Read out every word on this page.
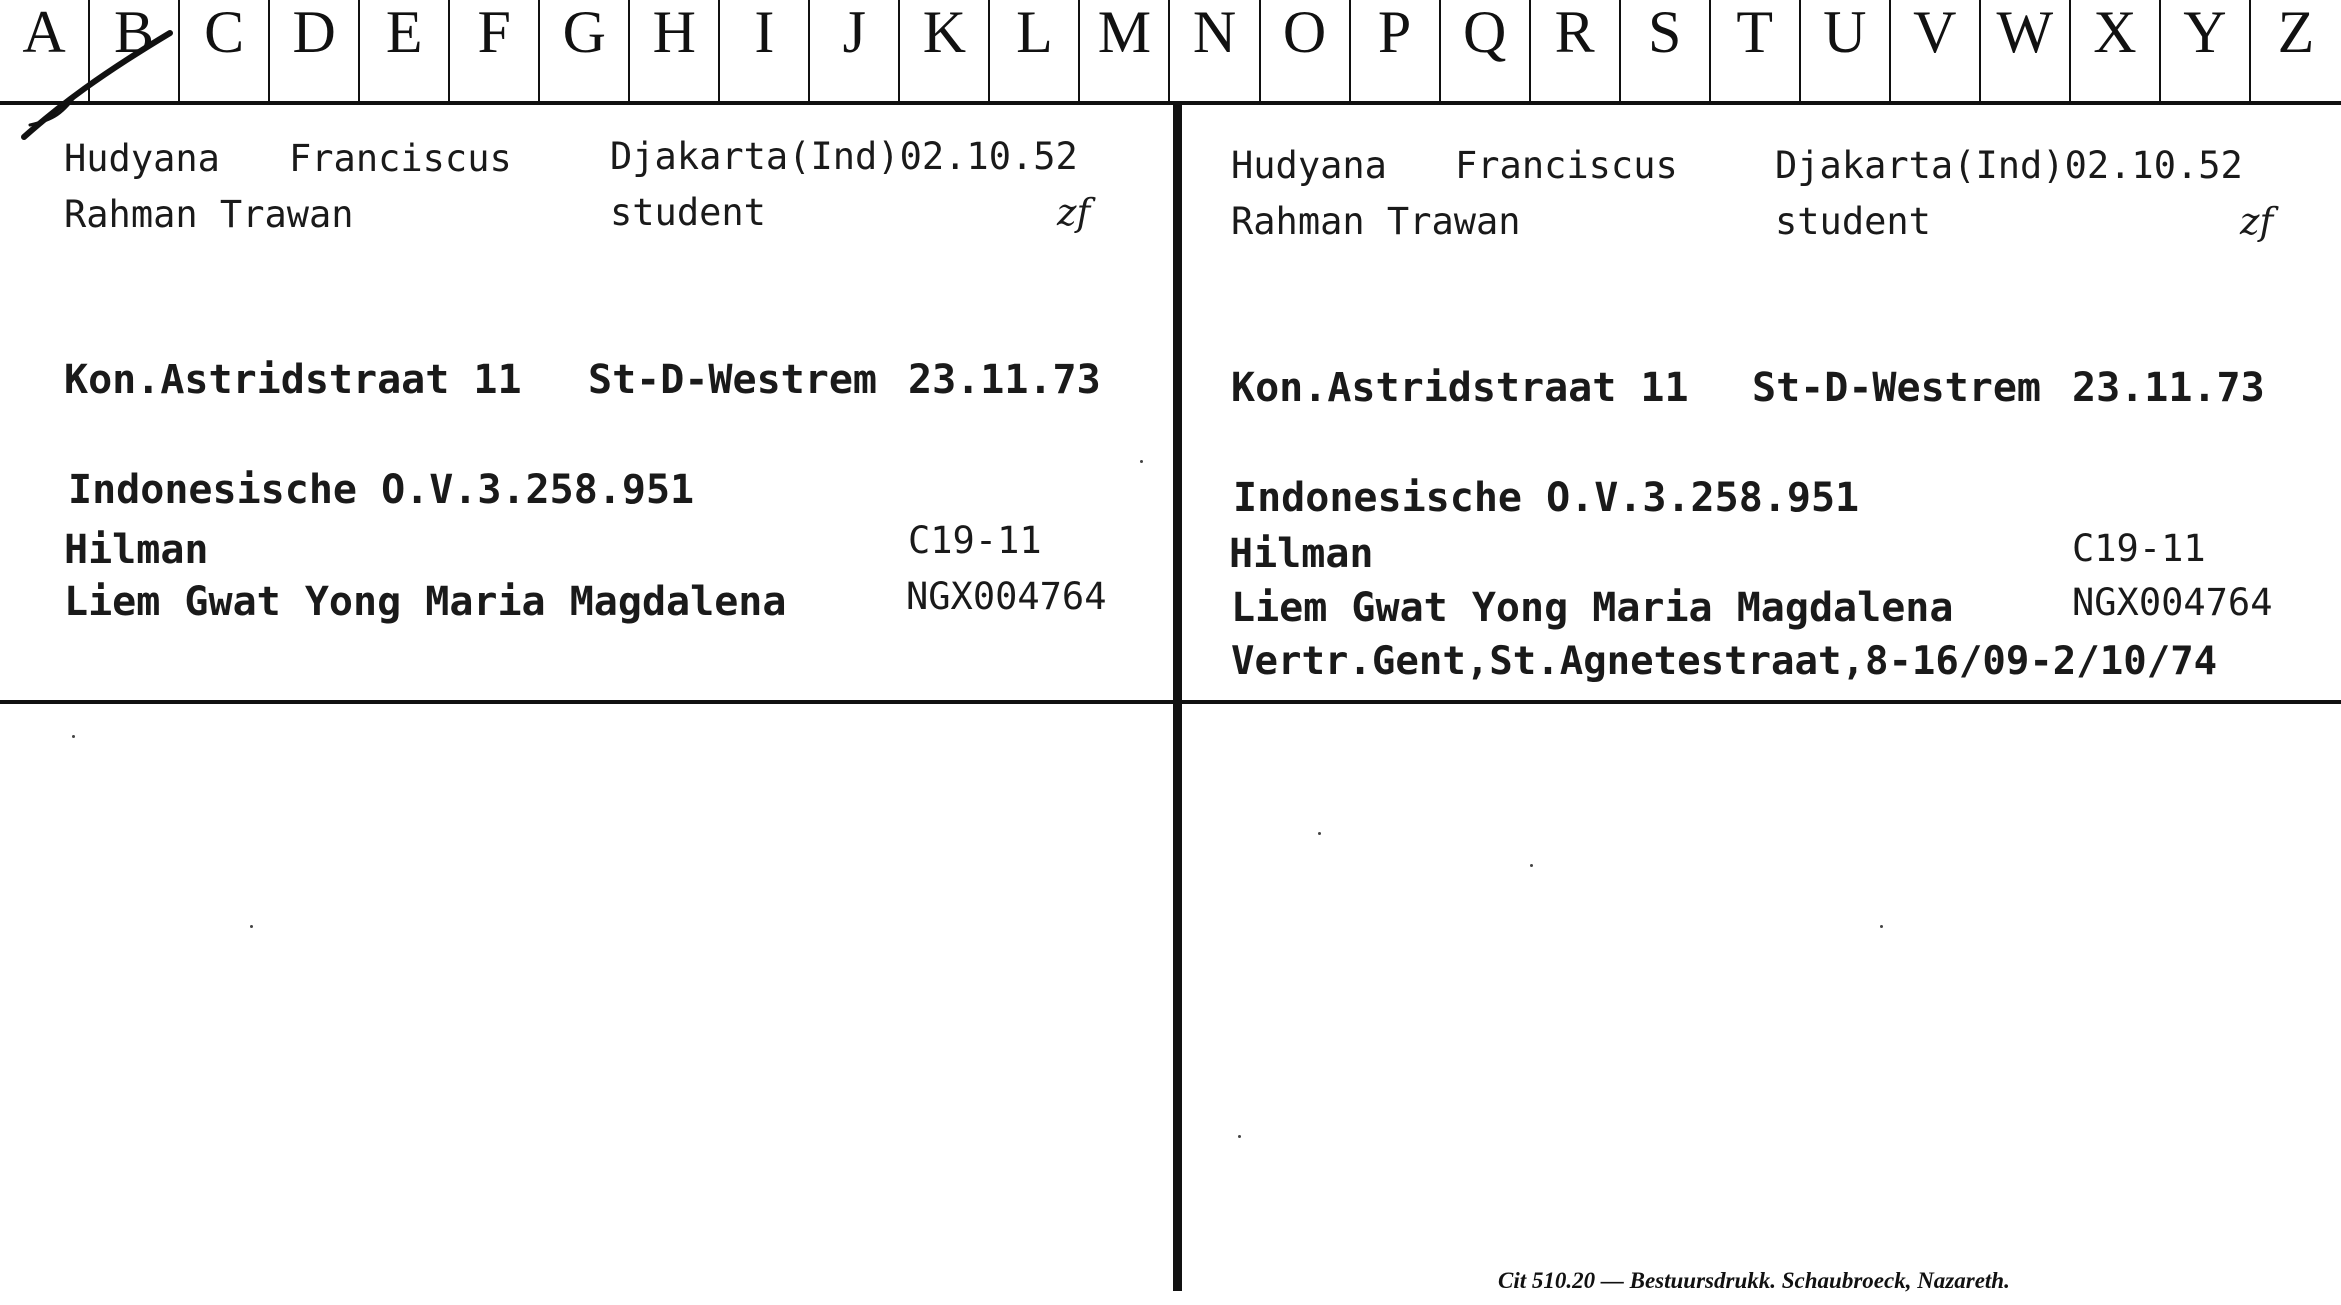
A B C D E F G H I	J K L M N O P Q R S T U V W X Y Z
Hudyana Franciscus	Djakarta(Ind)02.10.52
Rahman Trawan	student	zf
Kon.Astridstraat 11 St-D-Westrem 23.11.73
Indonesische O.V.3.258.951
Hilman	C19-11
Liem Gwat Yong Maria Magdalena	NGX004764
Hudyana Franciscus	Djakarta(Ind)02.10.52
Rahman Trawan	student	zf
Kon.Astridstraat 11 St-D-Westrem 23.11.73
Indonesische O.V.3.258.951
Hilman	C19-11
Liem Gwat Yong Maria Magdalena	NGX004764
Vertr.Gent,St.Agnetestraat,8-16/09-2/10/74
Cit 510.20 — Bestuursdrukk. Schaubroeck, Nazareth.
